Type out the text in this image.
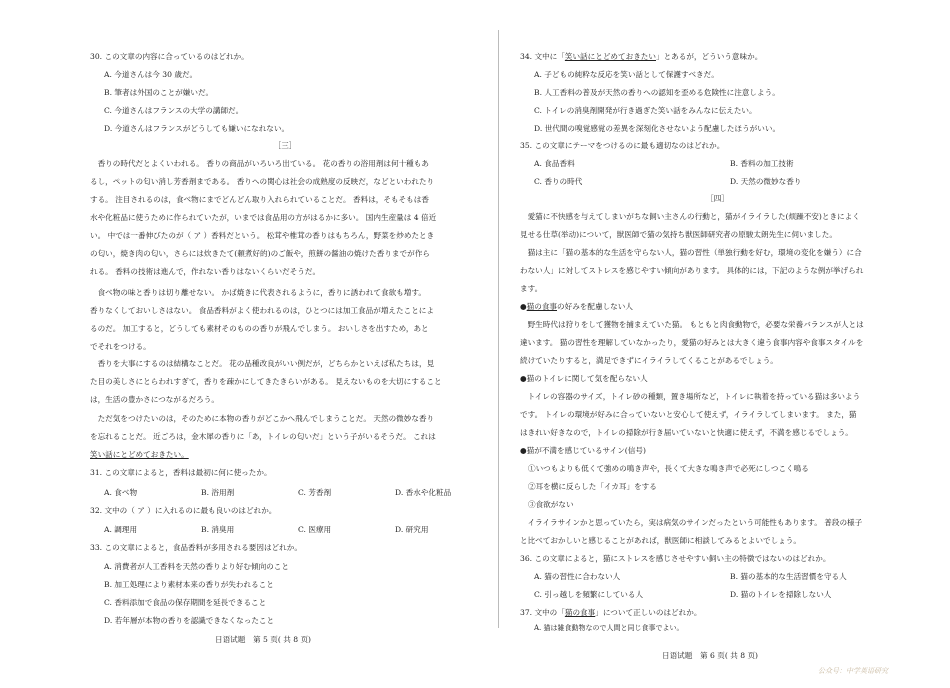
30. この文章の内容に合っているのはどれか。
A. 今道さんは今 30 歳だ。
B. 筆者は外国のことが嫌いだ。
C. 今道さんはフランスの大学の講師だ。
D. 今道さんはフランスがどうしても嫌いになれない。
［三］
　香りの時代だとよくいわれる。 香りの商品がいろいろ出ている。 花の香りの浴用剤は何十種もあ
るし，ペットの匂い消し芳香剤まである。 香りへの関心は社会の成熟度の反映だ，などといわれたり
する。 注目されるのは，食べ物にまでどんどん取り入れられていることだ。 香料は，そもそもは香
水や化粧品に使うために作られていたが，いまでは食品用の方がはるかに多い。 国内生産量は 4 倍近
い。 中では一番伸びたのが（ ア ）香料だという。 松茸や椎茸の香りはもちろん，野菜を炒めたとき
の匂い，焼き肉の匂い，さらには炊きたて(頼煮好的)のご飯や，煎餅の醤油の焼けた香りまでが作ら
れる。 香料の技術は進んで，作れない香りはないくらいだそうだ。
　食べ物の味と香りは切り離せない。 かば焼きに代表されるように，香りに誘われて食欲も増す。
香りなくしておいしさはない。 食品香料がよく使われるのは，ひとつには加工食品が増えたことによ
るのだ。 加工すると，どうしても素材そのものの香りが飛んでしまう。 おいしさを出すため，あと
でそれをつける。
　香りを大事にするのは結構なことだ。 花の品種改良がいい例だが，どちらかといえば私たちは，見
た目の美しさにとらわれすぎて，香りを疎かにしてきたきらいがある。 見えないものを大切にすること
は，生活の豊かさにつながるだろう。
　ただ気をつけたいのは，そのために本物の香りがどこかへ飛んでしまうことだ。 天然の微妙な香り
を忘れることだ。 近ごろは，金木犀の香りに「あ，トイレの匂いだ」という子がいるそうだ。 これは
笑い話にとどめておきたい。
31. この文章によると，香料は最初に何に使ったか。
A. 食べ物	B. 浴用剤	C. 芳香剤	D. 香水や化粧品
32. 文中の（ ア ）に入れるのに最も良いのはどれか。
A. 調理用	B. 消臭用	C. 医療用	D. 研究用
33. この文章によると，食品香料が多用される要因はどれか。
A. 消費者が人工香料を天然の香りより好む傾向のこと
B. 加工処理により素材本来の香りが失われること
C. 香料添加で食品の保存期間を延長できること
D. 若年層が本物の香りを認識できなくなったこと
日语试题　第 5 页( 共 8 页)
34. 文中に「笑い話にとどめておきたい」とあるが，どういう意味か。
A. 子どもの純粋な反応を笑い話として保護すべきだ。
B. 人工香料の普及が天然の香りへの認知を歪める危険性に注意しよう。
C. トイレの消臭剤開発が行き過ぎた笑い話をみんなに伝えたい。
D. 世代間の嗅覚感覚の差異を深刻化させないよう配慮したほうがいい。
35. この文章にテーマをつけるのに最も適切なのはどれか。
A. 食品香料	B. 香料の加工技術
C. 香りの時代	D. 天然の微妙な香り
［四］
　愛猫に不快感を与えてしまいがちな飼い主さんの行動と，猫がイライラした(烦躁不安)ときによく
見せる仕草(举动)について，獣医師で猫の気持ち獣医師研究者の原駿太朗先生に伺いました。
　猫は主に「猫の基本的な生活を守らない人，猫の習性（単独行動を好む，環境の変化を嫌う）に合
わない人」に対してストレスを感じやすい傾向があります。 具体的には，下記のような例が挙げられ
ます。
●猫の食事の好みを配慮しない人
　野生時代は狩りをして獲物を捕まえていた猫。 もともと肉食動物で，必要な栄養バランスが人とは
違います。 猫の習性を理解していなかったり，愛猫の好みとは大きく違う食事内容や食事スタイルを
続けていたりすると，満足できずにイライラしてくることがあるでしょう。
●猫のトイレに関して気を配らない人
　トイレの容器のサイズ，トイレ砂の種類，置き場所など，トイレに執着を持っている猫は多いよう
です。 トイレの環境が好みに合っていないと安心して使えず，イライラしてしまいます。 また，猫
はきれい好きなので，トイレの掃除が行き届いていないと快適に使えず，不満を感じるでしょう。
●猫が不満を感じているサイン(信号)
①いつもよりも低くて強めの鳴き声や，長くて大きな鳴き声で必死にしつこく鳴る
②耳を横に反らした「イカ耳」をする
③食欲がない
　イライラサインかと思っていたら，実は病気のサインだったという可能性もあります。 普段の様子
と比べておかしいと感じることがあれば，獣医師に相談してみるとよいでしょう。
36. この文章によると，猫にストレスを感じさせやすい飼い主の特徴ではないのはどれか。
A. 猫の習性に合わない人	B. 猫の基本的な生活習慣を守る人
C. 引っ越しを頻繁にしている人	D. 猫のトイレを掃除しない人
37. 文中の「猫の食事」について正しいのはどれか。
A. 猫は雑食動物なので人間と同じ食事でよい。
日语试题　第 6 页( 共 8 页)
公众号：中学英语研究
